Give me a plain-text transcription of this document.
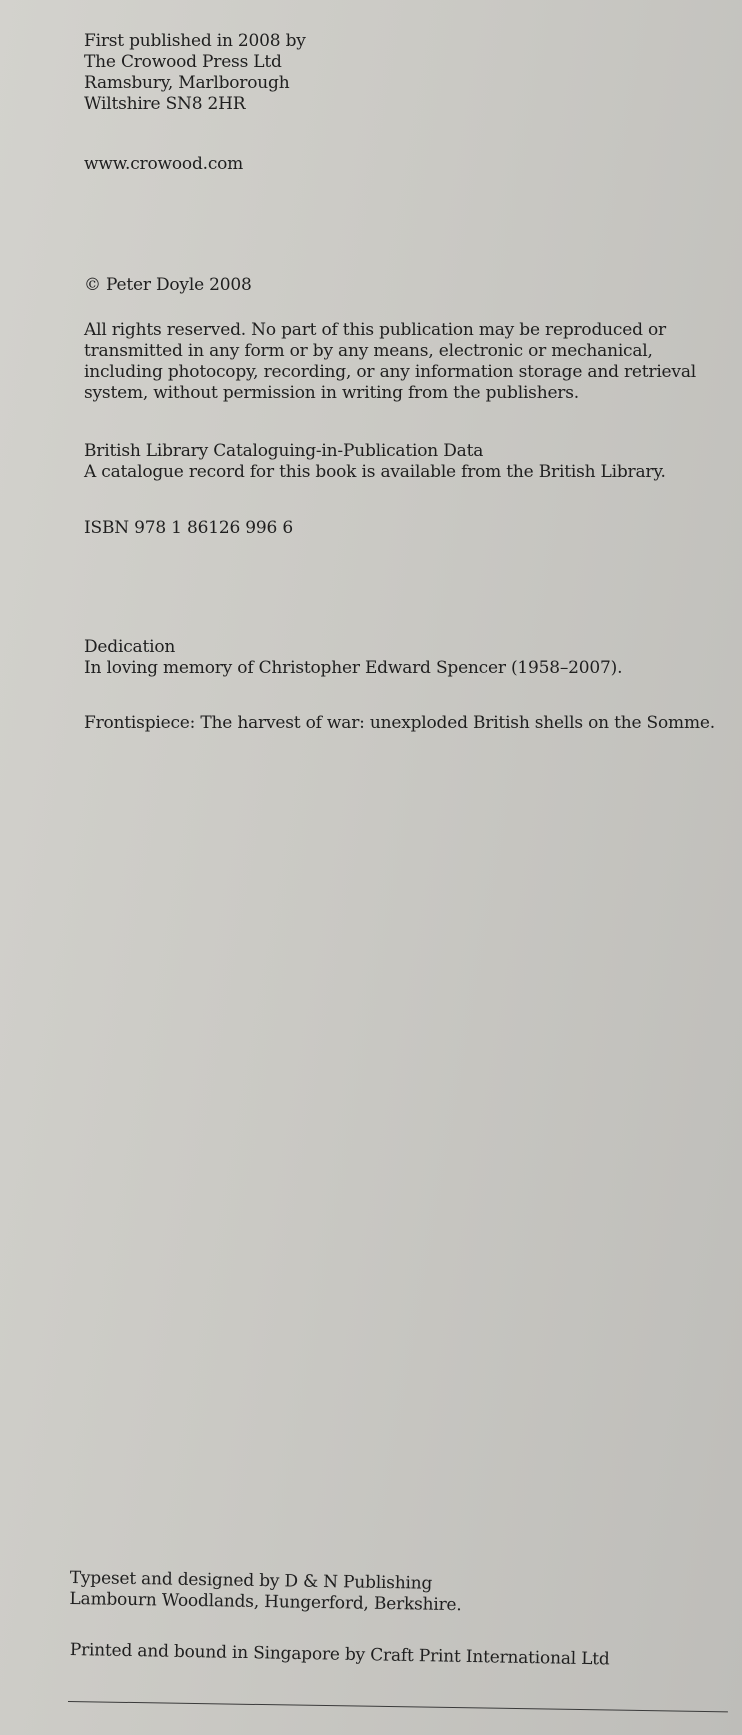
First published in 2008 by
The Crowood Press Ltd
Ramsbury, Marlborough
Wiltshire SN8 2HR
www.crowood.com
© Peter Doyle 2008
All rights reserved. No part of this publication may be reproduced or
transmitted in any form or by any means, electronic or mechanical,
including photocopy, recording, or any information storage and retrieval
system, without permission in writing from the publishers.
British Library Cataloguing-in-Publication Data
A catalogue record for this book is available from the British Library.
ISBN 978 1 86126 996 6
Dedication
In loving memory of Christopher Edward Spencer (1958–2007).
Frontispiece: The harvest of war: unexploded British shells on the Somme.
Typeset and designed by D & N Publishing
Lambourn Woodlands, Hungerford, Berkshire.
Printed and bound in Singapore by Craft Print International Ltd
